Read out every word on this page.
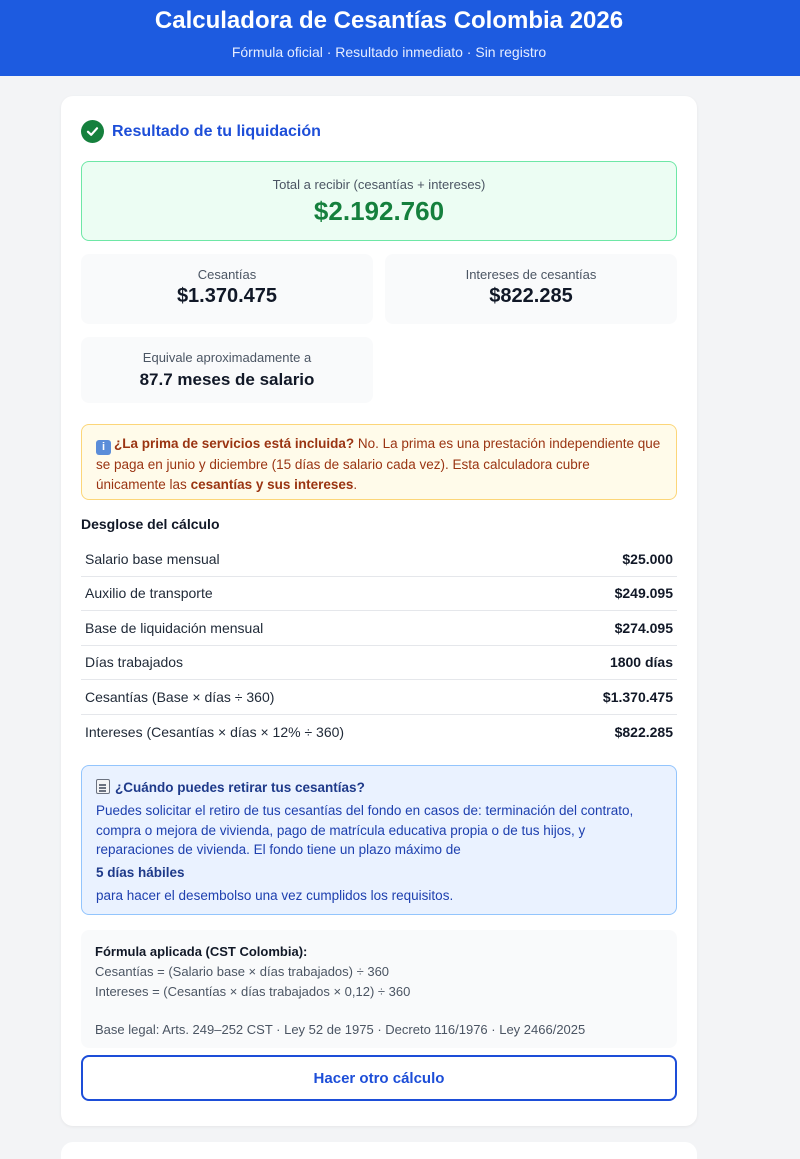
Calculadora de Cesantías Colombia 2026
Fórmula oficial · Resultado inmediato · Sin registro
Resultado de tu liquidación
Total a recibir (cesantías + intereses)
$2.192.760
Cesantías
$1.370.475
Intereses de cesantías
$822.285
Equivale aproximadamente a
87.7 meses de salario
i ¿La prima de servicios está incluida? No. La prima es una prestación independiente que se paga en junio y diciembre (15 días de salario cada vez). Esta calculadora cubre únicamente las cesantías y sus intereses.
Desglose del cálculo
Salario base mensual	$25.000
Auxilio de transporte	$249.095
Base de liquidación mensual	$274.095
Días trabajados	1800 días
Cesantías (Base × días ÷ 360)	$1.370.475
Intereses (Cesantías × días × 12% ÷ 360)	$822.285
¿Cuándo puedes retirar tus cesantías?
Puedes solicitar el retiro de tus cesantías del fondo en casos de: terminación del contrato, compra o mejora de vivienda, pago de matrícula educativa propia o de tus hijos, y reparaciones de vivienda. El fondo tiene un plazo máximo de
5 días hábiles
para hacer el desembolso una vez cumplidos los requisitos.
Fórmula aplicada (CST Colombia):
Cesantías = (Salario base × días trabajados) ÷ 360
Intereses = (Cesantías × días trabajados × 0,12) ÷ 360
Base legal: Arts. 249–252 CST · Ley 52 de 1975 · Decreto 116/1976 · Ley 2466/2025
Hacer otro cálculo
